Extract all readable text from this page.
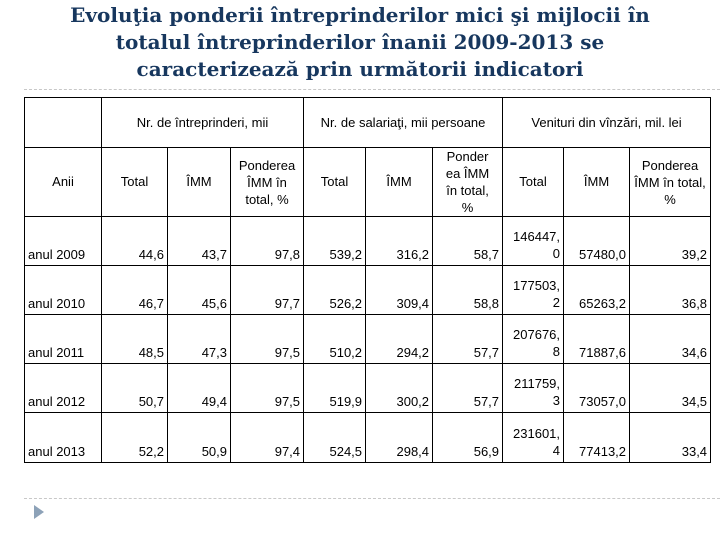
Evoluţia ponderii întreprinderilor mici şi mijlocii în
totalul întreprinderilor înanii 2009-2013 se
caracterizează prin următorii indicatori
	Nr. de întreprinderi, mii			Nr. de salariaţi, mii persoane			Venituri din vînzări, mil. lei		
Anii	Total	ÎMM	Ponderea ÎMM în total, %	Total	ÎMM	Ponderea ÎMM în total, %	Total	ÎMM	Ponderea ÎMM în total, %
anul 2009	44,6	43,7	97,8	539,2	316,2	58,7	146447, 0	57480,0	39,2
anul 2010	46,7	45,6	97,7	526,2	309,4	58,8	177503, 2	65263,2	36,8
anul 2011	48,5	47,3	97,5	510,2	294,2	57,7	207676, 8	71887,6	34,6
anul 2012	50,7	49,4	97,5	519,9	300,2	57,7	211759, 3	73057,0	34,5
anul 2013	52,2	50,9	97,4	524,5	298,4	56,9	231601, 4	77413,2	33,4
